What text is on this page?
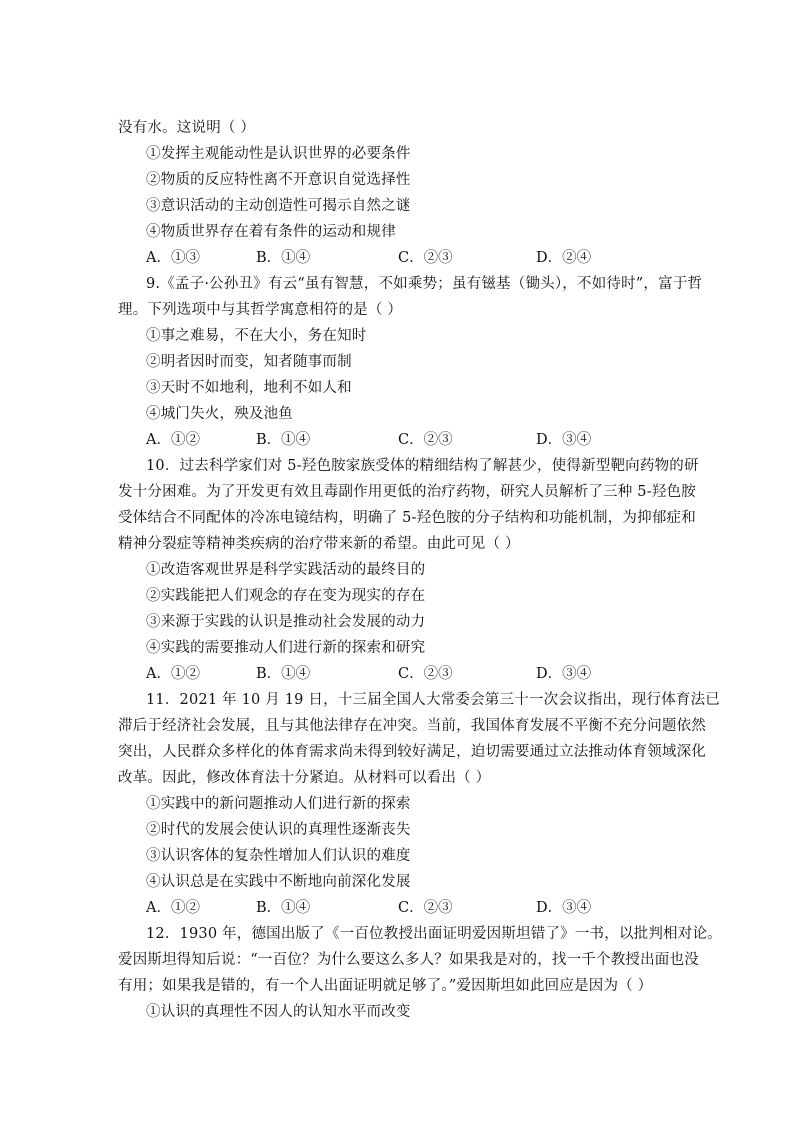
没有水。这说明（ ）
①发挥主观能动性是认识世界的必要条件
②物质的反应特性离不开意识自觉选择性
③意识活动的主动创造性可揭示自然之谜
④物质世界存在着有条件的运动和规律
A．①③	B．①④	C．②③	D．②④
9.《孟子·公孙丑》有云“虽有智慧，不如乘势；虽有镃基（锄头），不如待时”，富于哲
理。下列选项中与其哲学寓意相符的是（ ）
①事之难易，不在大小，务在知时
②明者因时而变，知者随事而制
③天时不如地利，地利不如人和
④城门失火，殃及池鱼
A．①②	B．①④	C．②③	D．③④
10．过去科学家们对 5-羟色胺家族受体的精细结构了解甚少，使得新型靶向药物的研
发十分困难。为了开发更有效且毒副作用更低的治疗药物，研究人员解析了三种 5-羟色胺
受体结合不同配体的冷冻电镜结构，明确了 5-羟色胺的分子结构和功能机制，为抑郁症和
精神分裂症等精神类疾病的治疗带来新的希望。由此可见（ ）
①改造客观世界是科学实践活动的最终目的
②实践能把人们观念的存在变为现实的存在
③来源于实践的认识是推动社会发展的动力
④实践的需要推动人们进行新的探索和研究
A．①②	B．①④	C．②③	D．③④
11．2021 年 10 月 19 日，十三届全国人大常委会第三十一次会议指出，现行体育法已
滞后于经济社会发展，且与其他法律存在冲突。当前，我国体育发展不平衡不充分问题依然
突出，人民群众多样化的体育需求尚未得到较好满足，迫切需要通过立法推动体育领域深化
改革。因此，修改体育法十分紧迫。从材料可以看出（ ）
①实践中的新问题推动人们进行新的探索
②时代的发展会使认识的真理性逐渐丧失
③认识客体的复杂性增加人们认识的难度
④认识总是在实践中不断地向前深化发展
A．①②	B．①④	C．②③	D．③④
12．1930 年，德国出版了《一百位教授出面证明爱因斯坦错了》一书，以批判相对论。
爱因斯坦得知后说：“一百位？为什么要这么多人？如果我是对的，找一千个教授出面也没
有用；如果我是错的，有一个人出面证明就足够了。”爱因斯坦如此回应是因为（ ）
①认识的真理性不因人的认知水平而改变
